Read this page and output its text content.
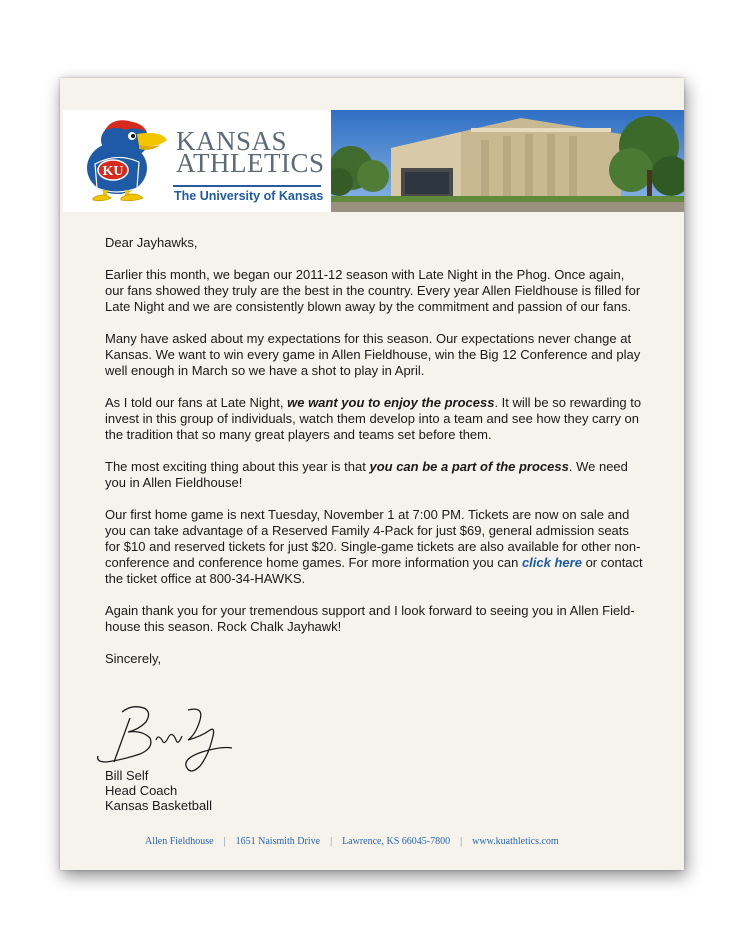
KU
KANSAS
ATHLETICS
The University of Kansas

Dear Jayhawks,

Earlier this month, we began our 2011-12 season with Late Night in the Phog. Once again, our fans showed they truly are the best in the country. Every year Allen Fieldhouse is filled for Late Night and we are consistently blown away by the commitment and passion of our fans.

Many have asked about my expectations for this season. Our expectations never change at Kansas. We want to win every game in Allen Fieldhouse, win the Big 12 Conference and play well enough in March so we have a shot to play in April.

As I told our fans at Late Night, we want you to enjoy the process. It will be so rewarding to invest in this group of individuals, watch them develop into a team and see how they carry on the tradition that so many great players and teams set before them.

The most exciting thing about this year is that you can be a part of the process. We need you in Allen Fieldhouse!

Our first home game is next Tuesday, November 1 at 7:00 PM. Tickets are now on sale and you can take advantage of a Reserved Family 4-Pack for just $69, general admission seats for $10 and reserved tickets for just $20. Single-game tickets are also available for other non-conference and conference home games. For more information you can click here or contact the ticket office at 800-34-HAWKS.

Again thank you for your tremendous support and I look forward to seeing you in Allen Field-house this season. Rock Chalk Jayhawk!

Sincerely,

Bill Self
Head Coach
Kansas Basketball
Allen Fieldhouse | 1651 Naismith Drive | Lawrence, KS 66045-7800 | www.kuathletics.com
